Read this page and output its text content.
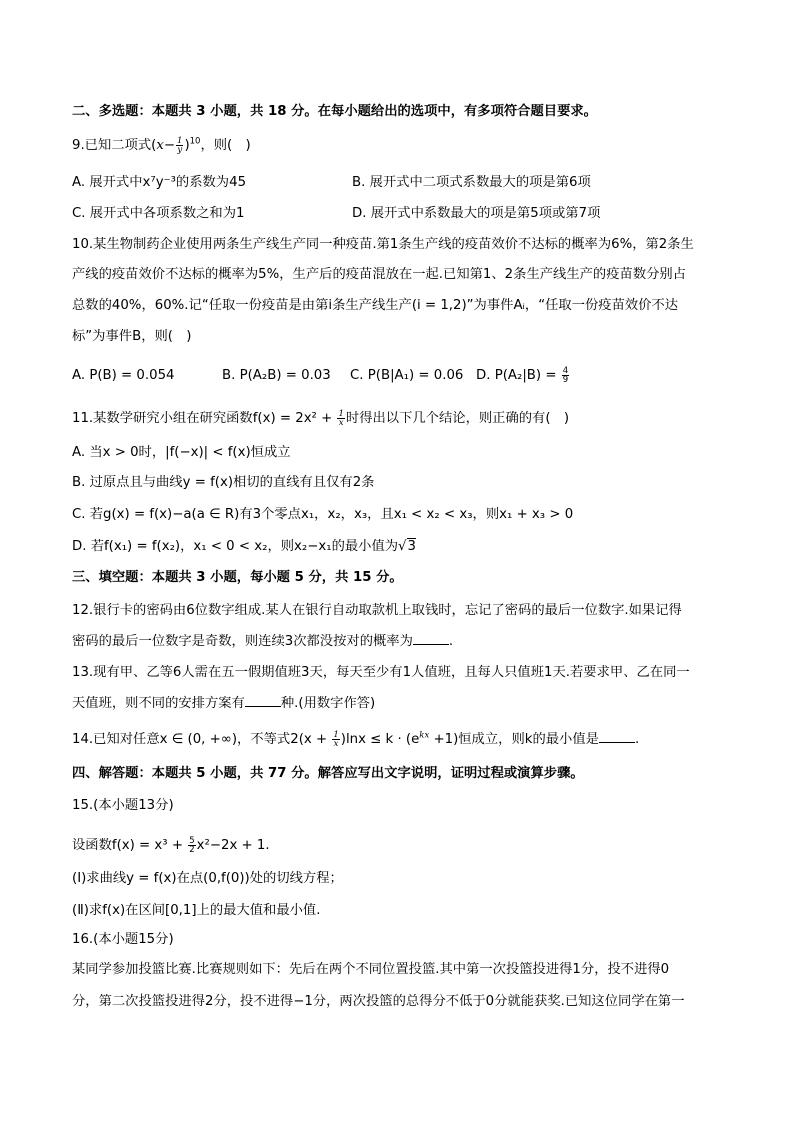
二、多选题：本题共 3 小题，共 18 分。在每小题给出的选项中，有多项符合题目要求。
9.已知二项式$(x- \frac{1}{y} )^{10}$，则(　)
A. 展开式中x⁷y⁻³的系数为45	B. 展开式中二项式系数最大的项是第6项
C. 展开式中各项系数之和为1	D. 展开式中系数最大的项是第5项或第7项
10.某生物制药企业使用两条生产线生产同一种疫苗.第1条生产线的疫苗效价不达标的概率为6%，第2条生
产线的疫苗效价不达标的概率为5%，生产后的疫苗混放在一起.已知第1、2条生产线生产的疫苗数分别占
总数的40%，60%.记“任取一份疫苗是由第i条生产线生产(i = 1,2)”为事件Aᵢ，“任取一份疫苗效价不达
标”为事件B，则(　)
A. P(B) = 0.054	B. P(A₂B) = 0.03 C. P(B|A₁) = 0.06 D. $P(A_2|B) = \frac{4}{9}$
11.某数学研究小组在研究函数$f(x) = 2x^2 + \frac{1}{x}$ 时得出以下几个结论，则正确的有(　)
A. 当x > 0时，|f(−x)| < f(x)恒成立
B. 过原点且与曲线y = f(x)相切的直线有且仅有2条
C. 若g(x) = f(x)−a(a ∈ R)有3个零点x₁，x₂，x₃，且x₁ < x₂ < x₃，则x₁ + x₃ > 0
D. 若f(x₁) = f(x₂)，x₁ < 0 < x₂，则x₂−x₁的最小值为√3
三、填空题：本题共 3 小题，每小题 5 分，共 15 分。
12.银行卡的密码由6位数字组成.某人在银行自动取款机上取钱时，忘记了密码的最后一位数字.如果记得
密码的最后一位数字是奇数，则连续3次都没按对的概率为	.
13.现有甲、乙等6人需在五一假期值班3天，每天至少有1人值班，且每人只值班1天.若要求甲、乙在同一
天值班，则不同的安排方案有	种.(用数字作答)
14.已知对任意x ∈ (0, +∞)，不等式$2(x + \frac{1}{x} )\ln x \le k \cdot (e^{kx} +1)$恒成立，则k的最小值是	.
四、解答题：本题共 5 小题，共 77 分。解答应写出文字说明，证明过程或演算步骤。
15.(本小题13分)
设函数$f(x) = x^3 + \frac{5}{2} x^2-2x + 1$.
(I)求曲线y = f(x)在点(0,f(0))处的切线方程；
(Ⅱ)求f(x)在区间[0,1]上的最大值和最小值.
16.(本小题15分)
某同学参加投篮比赛.比赛规则如下：先后在两个不同位置投篮.其中第一次投篮投进得1分，投不进得0
分，第二次投篮投进得2分，投不进得−1分，两次投篮的总得分不低于0分就能获奖.已知这位同学在第一
